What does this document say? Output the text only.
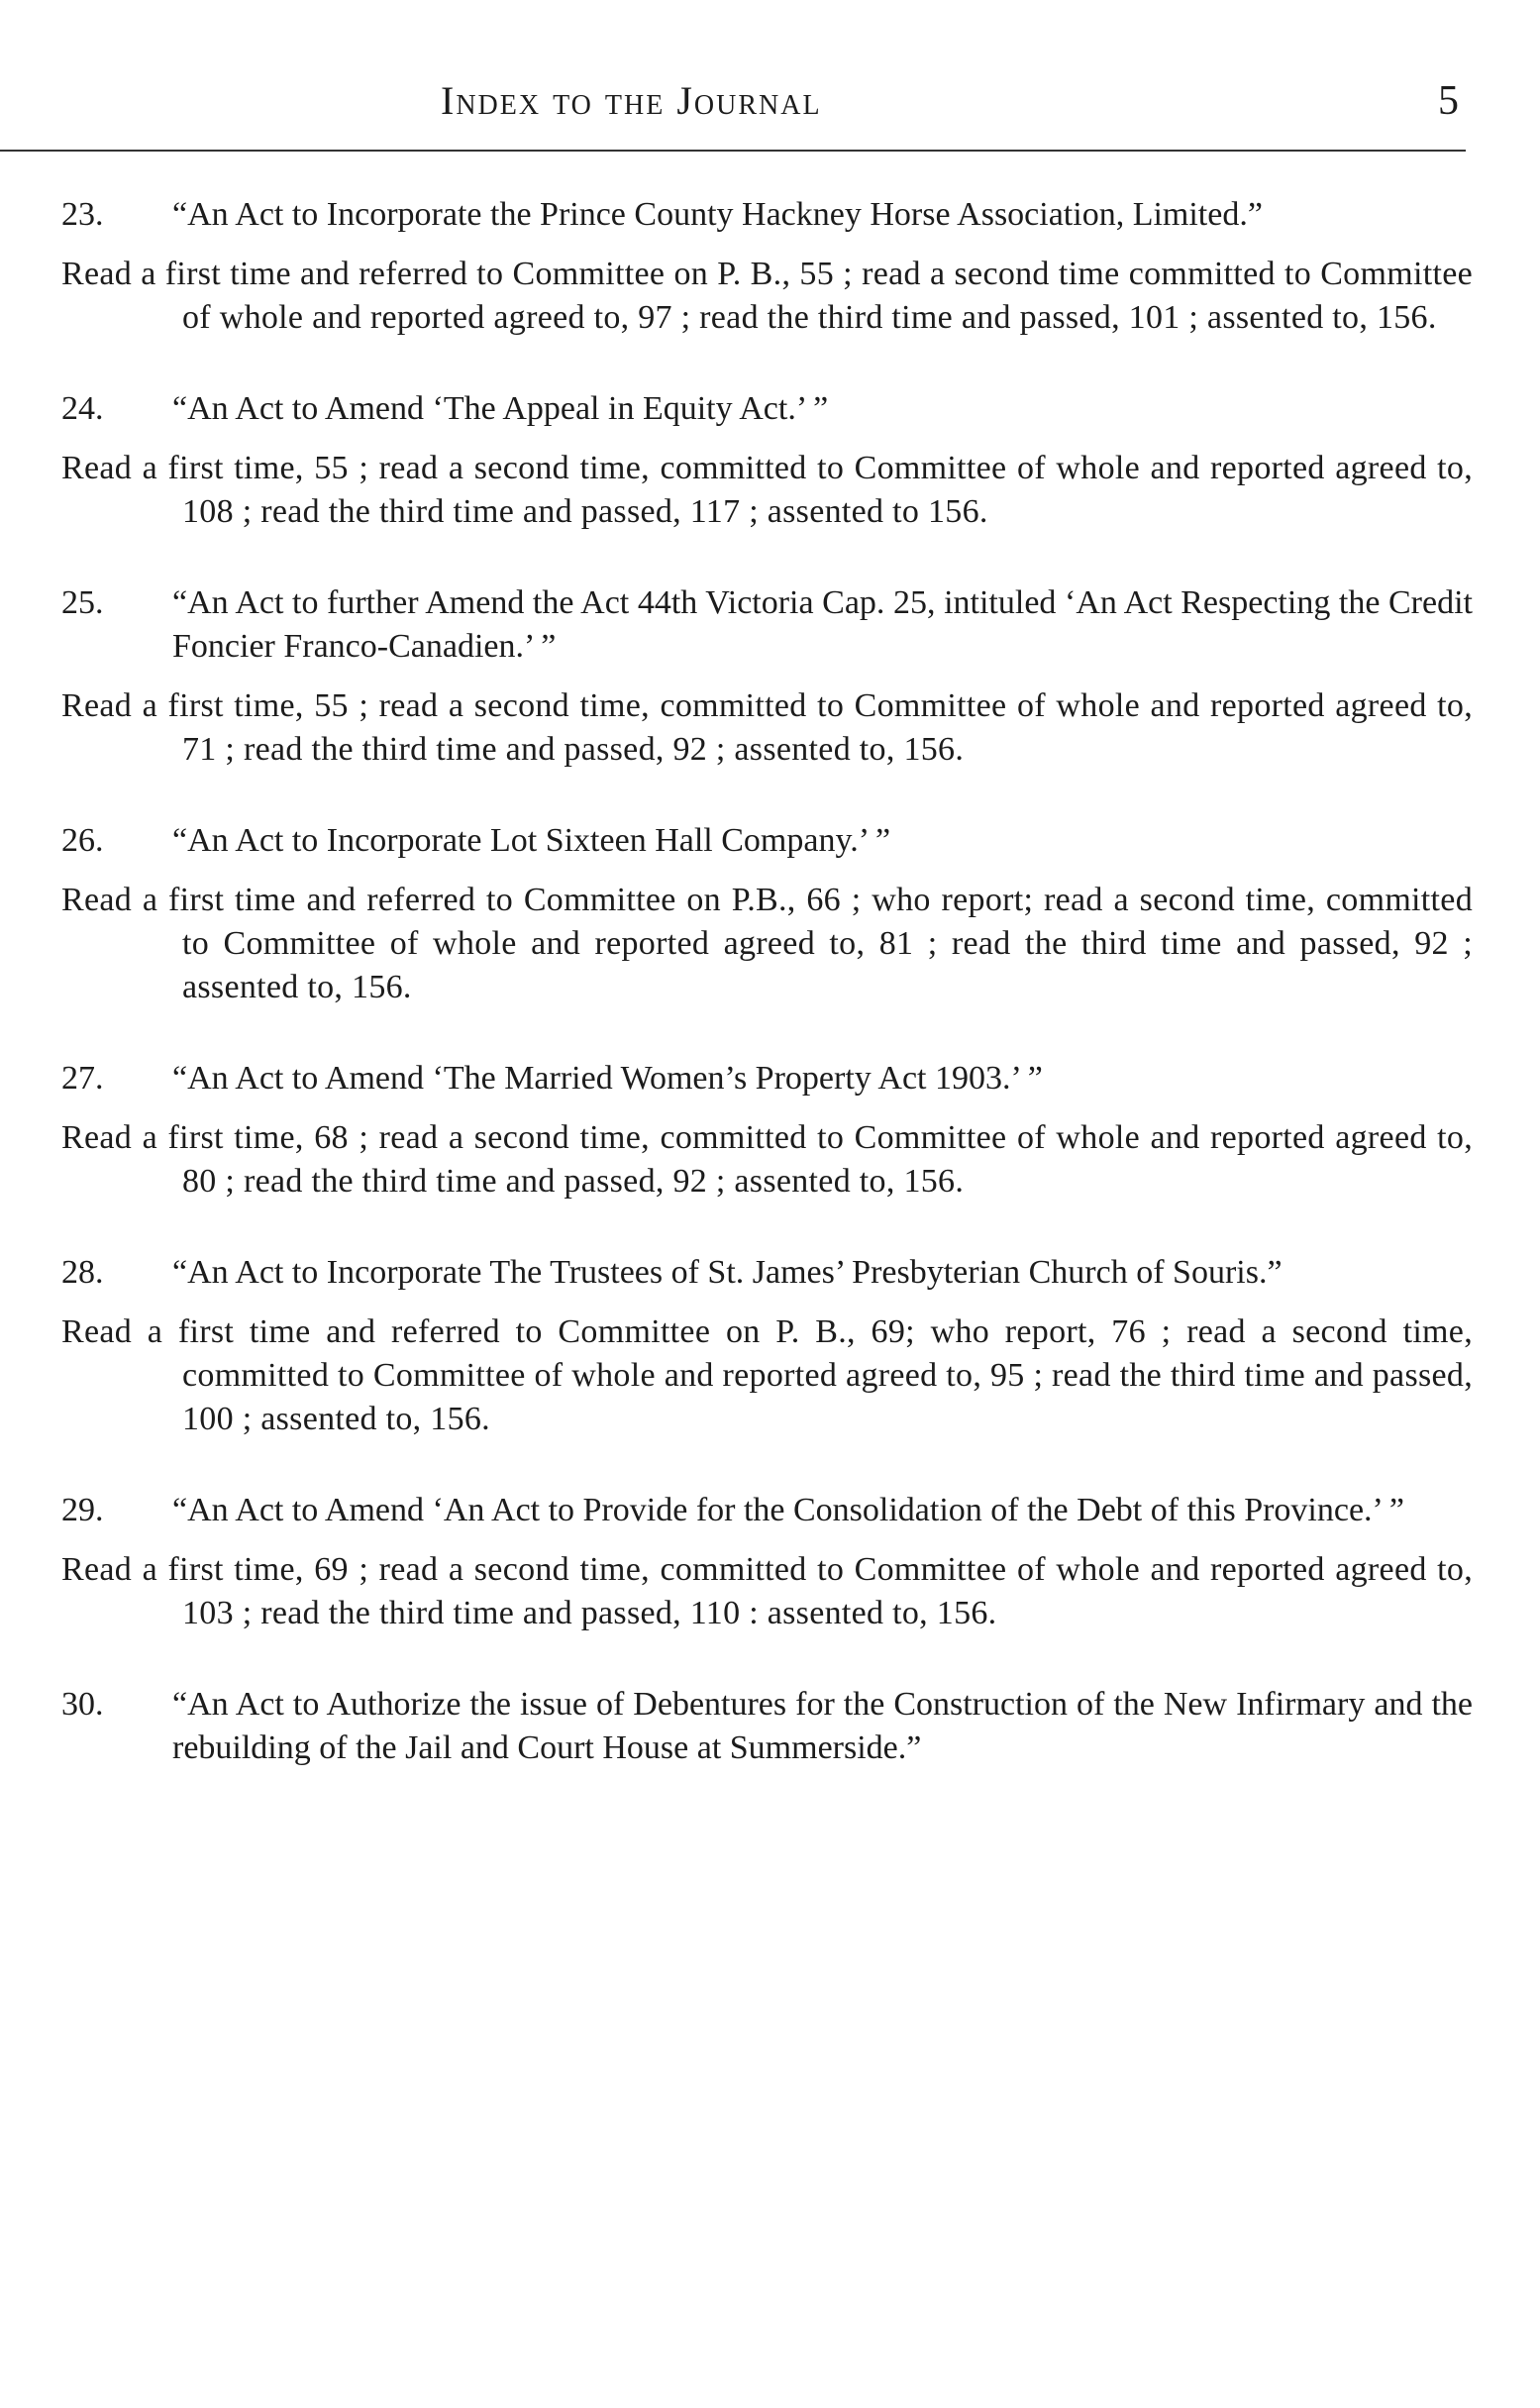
Index to the Journal	5

23. “An Act to Incorporate the Prince County Hackney Horse Association, Limited.”

Read a first time and referred to Committee on P. B., 55 ; read a second time committed to Committee of whole and reported agreed to, 97 ; read the third time and passed, 101 ; assented to, 156.

24. “An Act to Amend ‘The Appeal in Equity Act.’ ”

Read a first time, 55 ; read a second time, committed to Committee of whole and reported agreed to, 108 ; read the third time and passed, 117 ; assented to 156.

25. “An Act to further Amend the Act 44th Victoria Cap. 25, intituled ‘An Act Respecting the Credit Foncier Franco-Canadien.’ ”

Read a first time, 55 ; read a second time, committed to Committee of whole and reported agreed to, 71 ; read the third time and passed, 92 ; assented to, 156.

26. “An Act to Incorporate Lot Sixteen Hall Company.’ ”

Read a first time and referred to Committee on P.B., 66 ; who report; read a second time, committed to Committee of whole and reported agreed to, 81 ; read the third time and passed, 92 ; assented to, 156.

27. “An Act to Amend ‘The Married Women’s Property Act 1903.’ ”

Read a first time, 68 ; read a second time, committed to Committee of whole and reported agreed to, 80 ; read the third time and passed, 92 ; assented to, 156.

28. “An Act to Incorporate The Trustees of St. James’ Presbyterian Church of Souris.”

Read a first time and referred to Committee on P. B., 69; who report, 76 ; read a second time, committed to Committee of whole and reported agreed to, 95 ; read the third time and passed, 100 ; assented to, 156.

29. “An Act to Amend ‘An Act to Provide for the Consolidation of the Debt of this Province.’ ”

Read a first time, 69 ; read a second time, committed to Committee of whole and reported agreed to, 103 ; read the third time and passed, 110 : assented to, 156.

30. “An Act to Authorize the issue of Debentures for the Construction of the New Infirmary and the rebuilding of the Jail and Court House at Summerside.”
